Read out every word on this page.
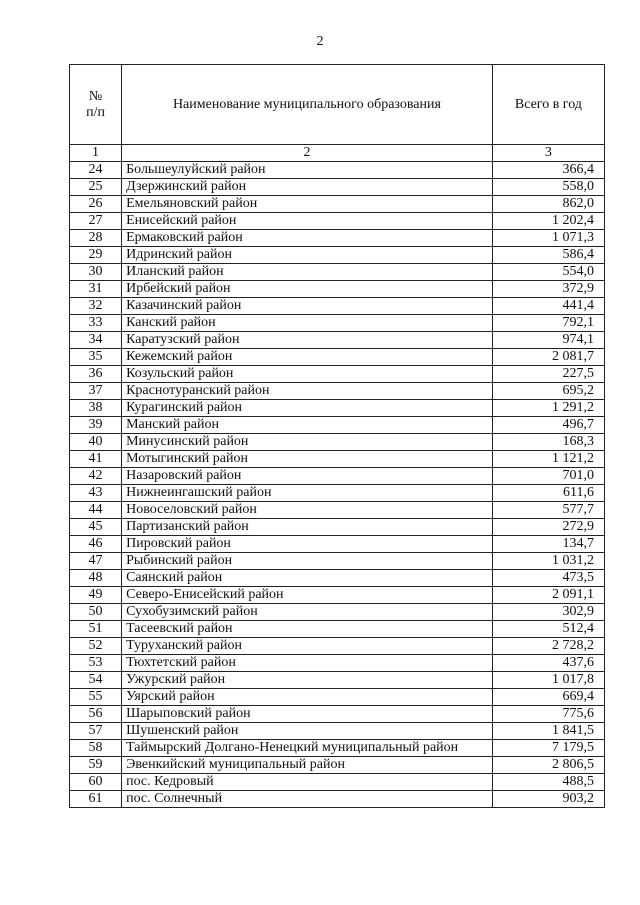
2
№
п/п	Наименование муниципального образования	Всего в год
1	2	3
24	Большеулуйский район	366,4
25	Дзержинский район	558,0
26	Емельяновский район	862,0
27	Енисейский район	1 202,4
28	Ермаковский район	1 071,3
29	Идринский район	586,4
30	Иланский район	554,0
31	Ирбейский район	372,9
32	Казачинский район	441,4
33	Канский район	792,1
34	Каратузский район	974,1
35	Кежемский район	2 081,7
36	Козульский район	227,5
37	Краснотуранский район	695,2
38	Курагинский район	1 291,2
39	Манский район	496,7
40	Минусинский район	168,3
41	Мотыгинский район	1 121,2
42	Назаровский район	701,0
43	Нижнеингашский район	611,6
44	Новоселовский район	577,7
45	Партизанский район	272,9
46	Пировский район	134,7
47	Рыбинский район	1 031,2
48	Саянский район	473,5
49	Северо-Енисейский район	2 091,1
50	Сухобузимский район	302,9
51	Тасеевский район	512,4
52	Туруханский район	2 728,2
53	Тюхтетский район	437,6
54	Ужурский район	1 017,8
55	Уярский район	669,4
56	Шарыповский район	775,6
57	Шушенский район	1 841,5
58	Таймырский Долгано-Ненецкий муниципальный район	7 179,5
59	Эвенкийский муниципальный район	2 806,5
60	пос. Кедровый	488,5
61	пос. Солнечный	903,2
